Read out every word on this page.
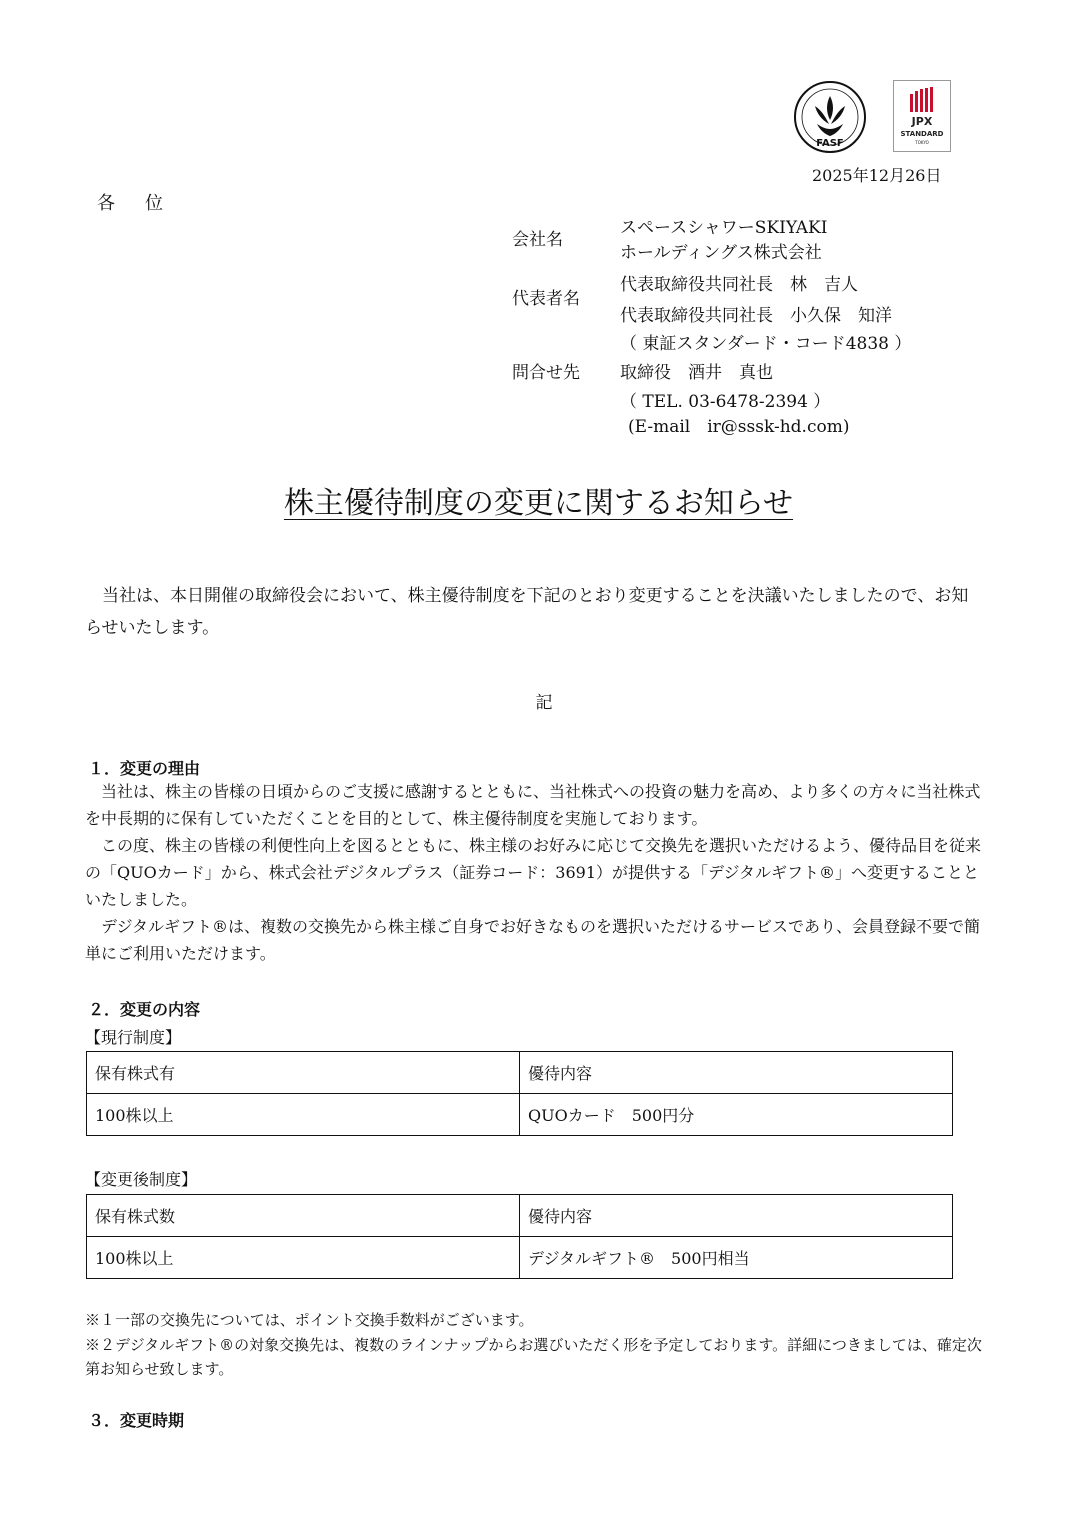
FASF
JPX
STANDARD
TOKYO
2025年12月26日
各　位
会社名
スペースシャワーSKIYAKI
ホールディングス株式会社
代表者名
代表取締役共同社長　林　吉人
代表取締役共同社長　小久保　知洋
（ 東証スタンダード・コード4838 ）
問合せ先 取締役　酒井　真也
（ TEL. 03-6478-2394 ）
(E-mail　ir@sssk-hd.com)
株主優待制度の変更に関するお知らせ
　当社は、本日開催の取締役会において、株主優待制度を下記のとおり変更することを決議いたしましたので、お知らせいたします。
記
１．変更の理由
　当社は、株主の皆様の日頃からのご支援に感謝するとともに、当社株式への投資の魅力を高め、より多くの方々に当社株式を中長期的に保有していただくことを目的として、株主優待制度を実施しております。
　この度、株主の皆様の利便性向上を図るとともに、株主様のお好みに応じて交換先を選択いただけるよう、優待品目を従来の「QUOカード」から、株式会社デジタルプラス（証券コード：3691）が提供する「デジタルギフト®」へ変更することといたしました。
　デジタルギフト®は、複数の交換先から株主様ご自身でお好きなものを選択いただけるサービスであり、会員登録不要で簡単にご利用いただけます。
２．変更の内容
【現行制度】
保有株式有	優待内容
100株以上	QUOカード　500円分
【変更後制度】
保有株式数	優待内容
100株以上	デジタルギフト®　500円相当
※１一部の交換先については、ポイント交換手数料がございます。
※２デジタルギフト®の対象交換先は、複数のラインナップからお選びいただく形を予定しております。詳細につきましては、確定次第お知らせ致します。
３．変更時期
